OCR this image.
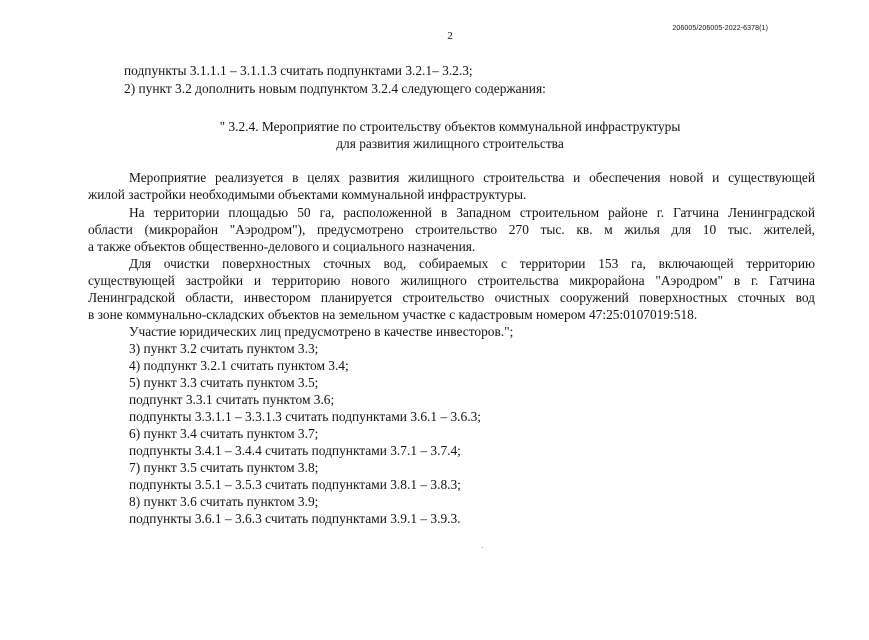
2
206005/206005-2022-6378(1)
подпункты 3.1.1.1 – 3.1.1.3 считать подпунктами 3.2.1– 3.2.3;
2) пункт 3.2 дополнить новым подпунктом 3.2.4 следующего содержания:
" 3.2.4. Мероприятие по строительству объектов коммунальной инфраструктуры
для развития жилищного строительства
Мероприятие реализуется в целях развития жилищного строительства и обеспечения новой и существующей
жилой застройки необходимыми объектами коммунальной инфраструктуры.
На территории площадью 50 га, расположенной в Западном строительном районе г. Гатчина Ленинградской
области (микрорайон "Аэродром"), предусмотрено строительство 270 тыс. кв. м жилья для 10 тыс. жителей,
а также объектов общественно-делового и социального назначения.
Для очистки поверхностных сточных вод, собираемых с территории 153 га, включающей территорию
существующей застройки и территорию нового жилищного строительства микрорайона "Аэродром" в г. Гатчина
Ленинградской области, инвестором планируется строительство очистных сооружений поверхностных сточных вод
в зоне коммунально-складских объектов на земельном участке с кадастровым номером 47:25:0107019:518.
Участие юридических лиц предусмотрено в качестве инвесторов.";
3) пункт 3.2 считать пунктом 3.3;
4) подпункт 3.2.1 считать пунктом 3.4;
5) пункт 3.3 считать пунктом 3.5;
подпункт 3.3.1 считать пунктом 3.6;
подпункты 3.3.1.1 – 3.3.1.3 считать подпунктами 3.6.1 – 3.6.3;
6) пункт 3.4 считать пунктом 3.7;
подпункты 3.4.1 – 3.4.4 считать подпунктами 3.7.1 – 3.7.4;
7) пункт 3.5 считать пунктом 3.8;
подпункты 3.5.1 – 3.5.3 считать подпунктами 3.8.1 – 3.8.3;
8) пункт 3.6 считать пунктом 3.9;
подпункты 3.6.1 – 3.6.3 считать подпунктами 3.9.1 – 3.9.3.
